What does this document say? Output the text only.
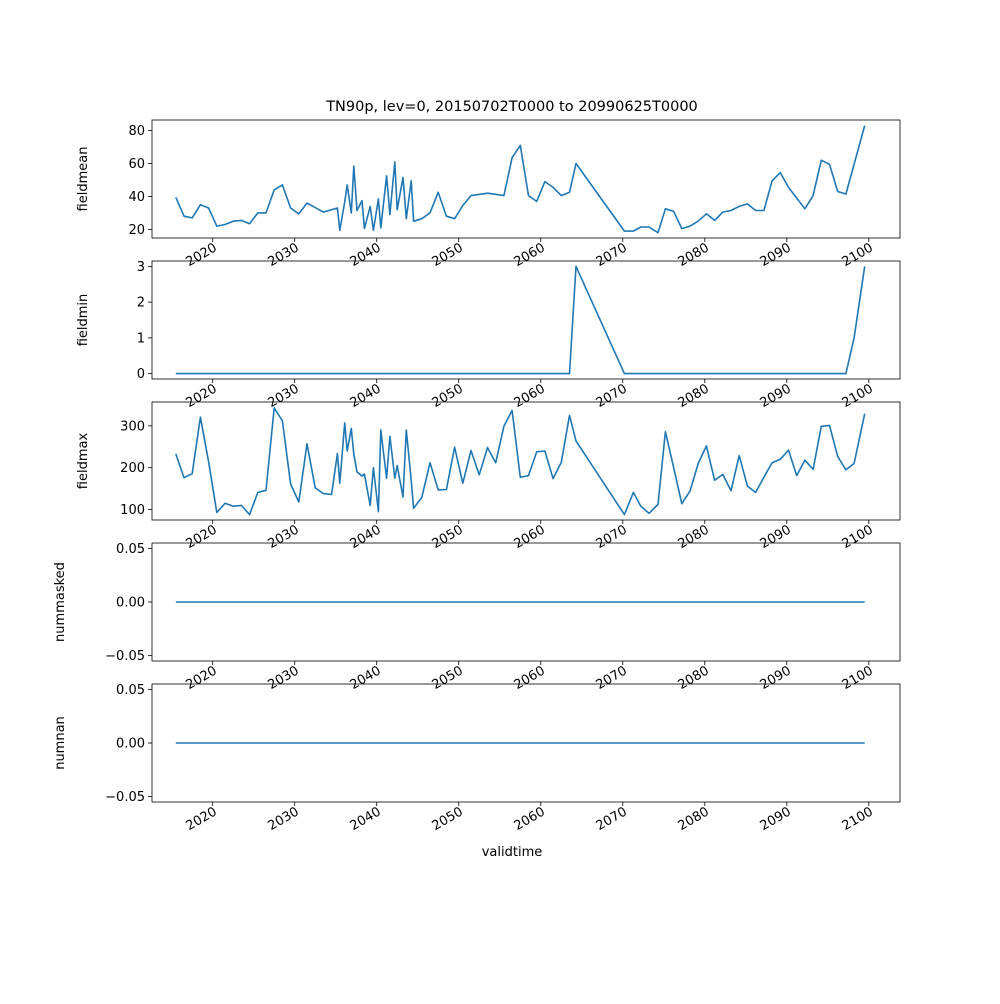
20
40
60
80
fieldmean
2020	2030	2040	2050	2060	2070	2080	2090	2100
0
1
2
3
fieldmin
2020	2030	2040	2050	2060	2070	2080	2090	2100
100
200
300
fieldmax
2020	2030	2040	2050	2060	2070	2080	2090	2100
−0.05
0.00
0.05
nummasked
2020	2030	2040	2050	2060	2070	2080	2090	2100
−0.05
0.00
0.05
numnan
2020	2030	2040	2050	2060	2070	2080	2090	2100
TN90p, lev=0, 20150702T0000 to 20990625T0000
validtime
